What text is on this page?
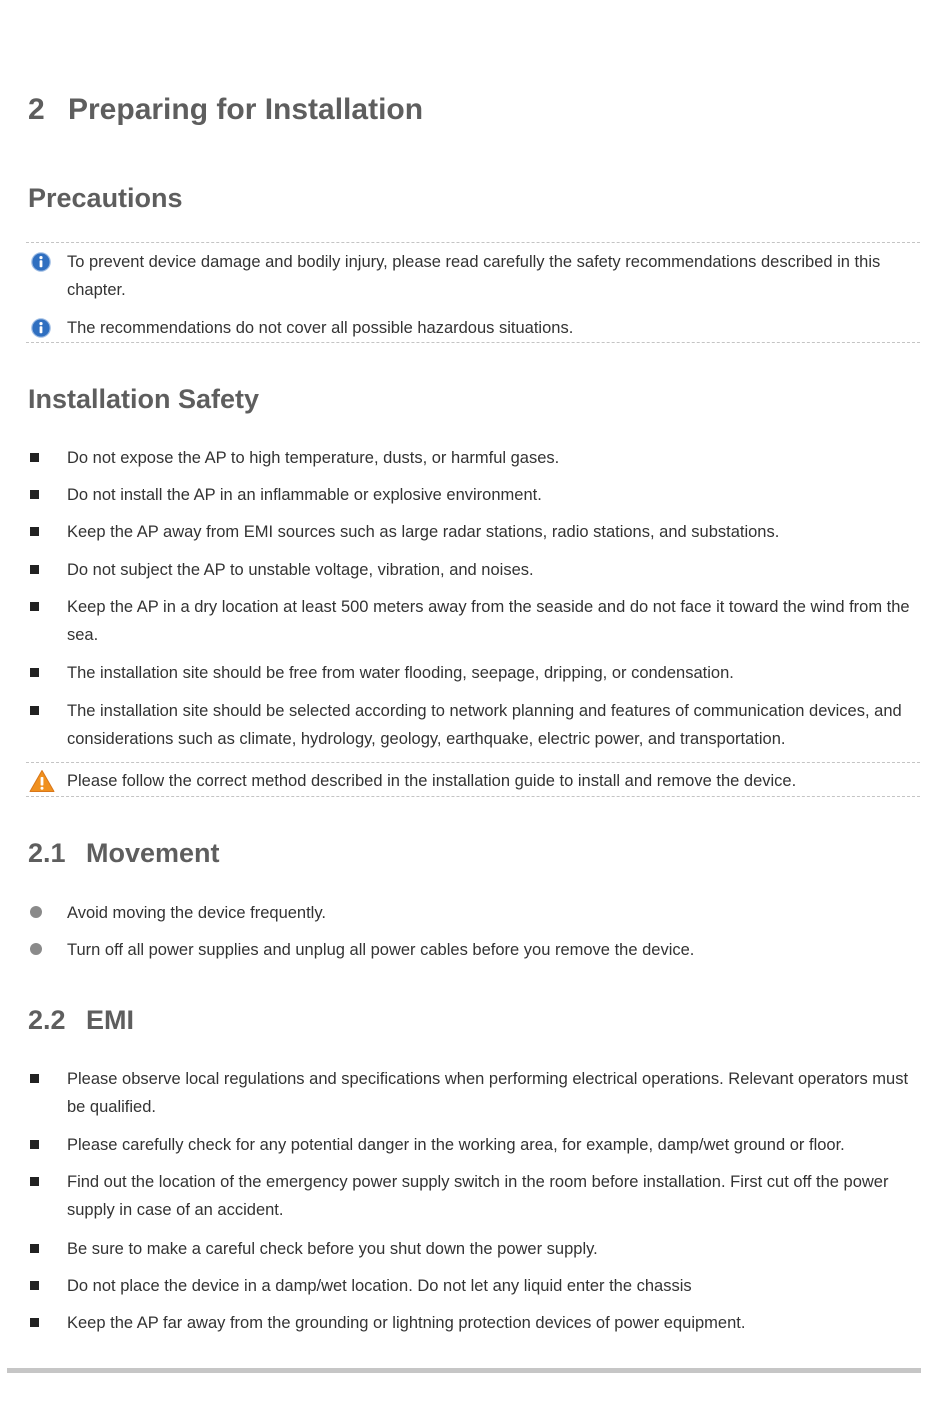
2 Preparing for Installation
Precautions
To prevent device damage and bodily injury, please read carefully the safety recommendations described in this chapter.
The recommendations do not cover all possible hazardous situations.
Installation Safety
Do not expose the AP to high temperature, dusts, or harmful gases.
Do not install the AP in an inflammable or explosive environment.
Keep the AP away from EMI sources such as large radar stations, radio stations, and substations.
Do not subject the AP to unstable voltage, vibration, and noises.
Keep the AP in a dry location at least 500 meters away from the seaside and do not face it toward the wind from the sea.
The installation site should be free from water flooding, seepage, dripping, or condensation.
The installation site should be selected according to network planning and features of communication devices, and considerations such as climate, hydrology, geology, earthquake, electric power, and transportation.
Please follow the correct method described in the installation guide to install and remove the device.
2.1 Movement
Avoid moving the device frequently.
Turn off all power supplies and unplug all power cables before you remove the device.
2.2 EMI
Please observe local regulations and specifications when performing electrical operations. Relevant operators must be qualified.
Please carefully check for any potential danger in the working area, for example, damp/wet ground or floor.
Find out the location of the emergency power supply switch in the room before installation. First cut off the power supply in case of an accident.
Be sure to make a careful check before you shut down the power supply.
Do not place the device in a damp/wet location. Do not let any liquid enter the chassis
Keep the AP far away from the grounding or lightning protection devices of power equipment.
